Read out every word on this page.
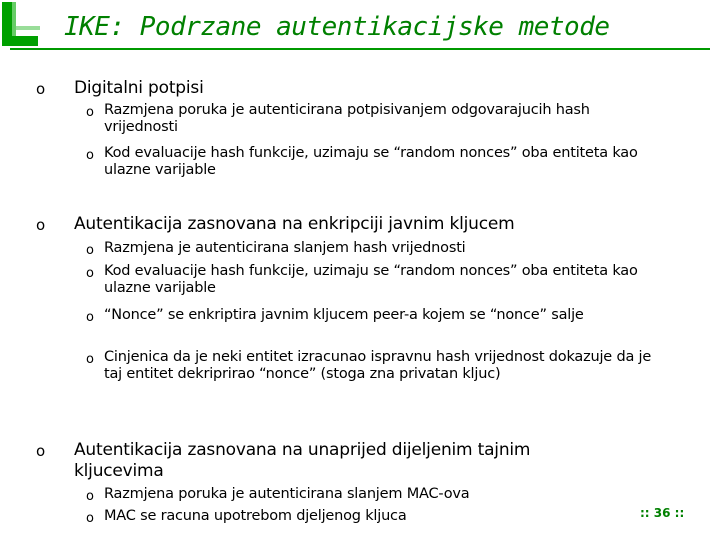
IKE: Podrzane autentikacijske metode
o Digitalni potpisi
o Razmjena poruka je autenticirana potpisivanjem odgovarajucih hash vrijednosti
o Kod evaluacije hash funkcije, uzimaju se “random nonces” oba entiteta kao ulazne varijable
o Autentikacija zasnovana na enkripciji javnim kljucem
o Razmjena je autenticirana slanjem hash vrijednosti
o Kod evaluacije hash funkcije, uzimaju se “random nonces” oba entiteta kao ulazne varijable
o “Nonce” se enkriptira javnim kljucem peer-a kojem se “nonce” salje
o Cinjenica da je neki entitet izracunao ispravnu hash vrijednost dokazuje da je taj entitet dekriprirao “nonce” (stoga zna privatan kljuc)
o Autentikacija zasnovana na unaprijed dijeljenim tajnim kljucevima
o Razmjena poruka je autenticirana slanjem MAC-ova
o MAC se racuna upotrebom djeljenog kljuca	:: 36 ::
